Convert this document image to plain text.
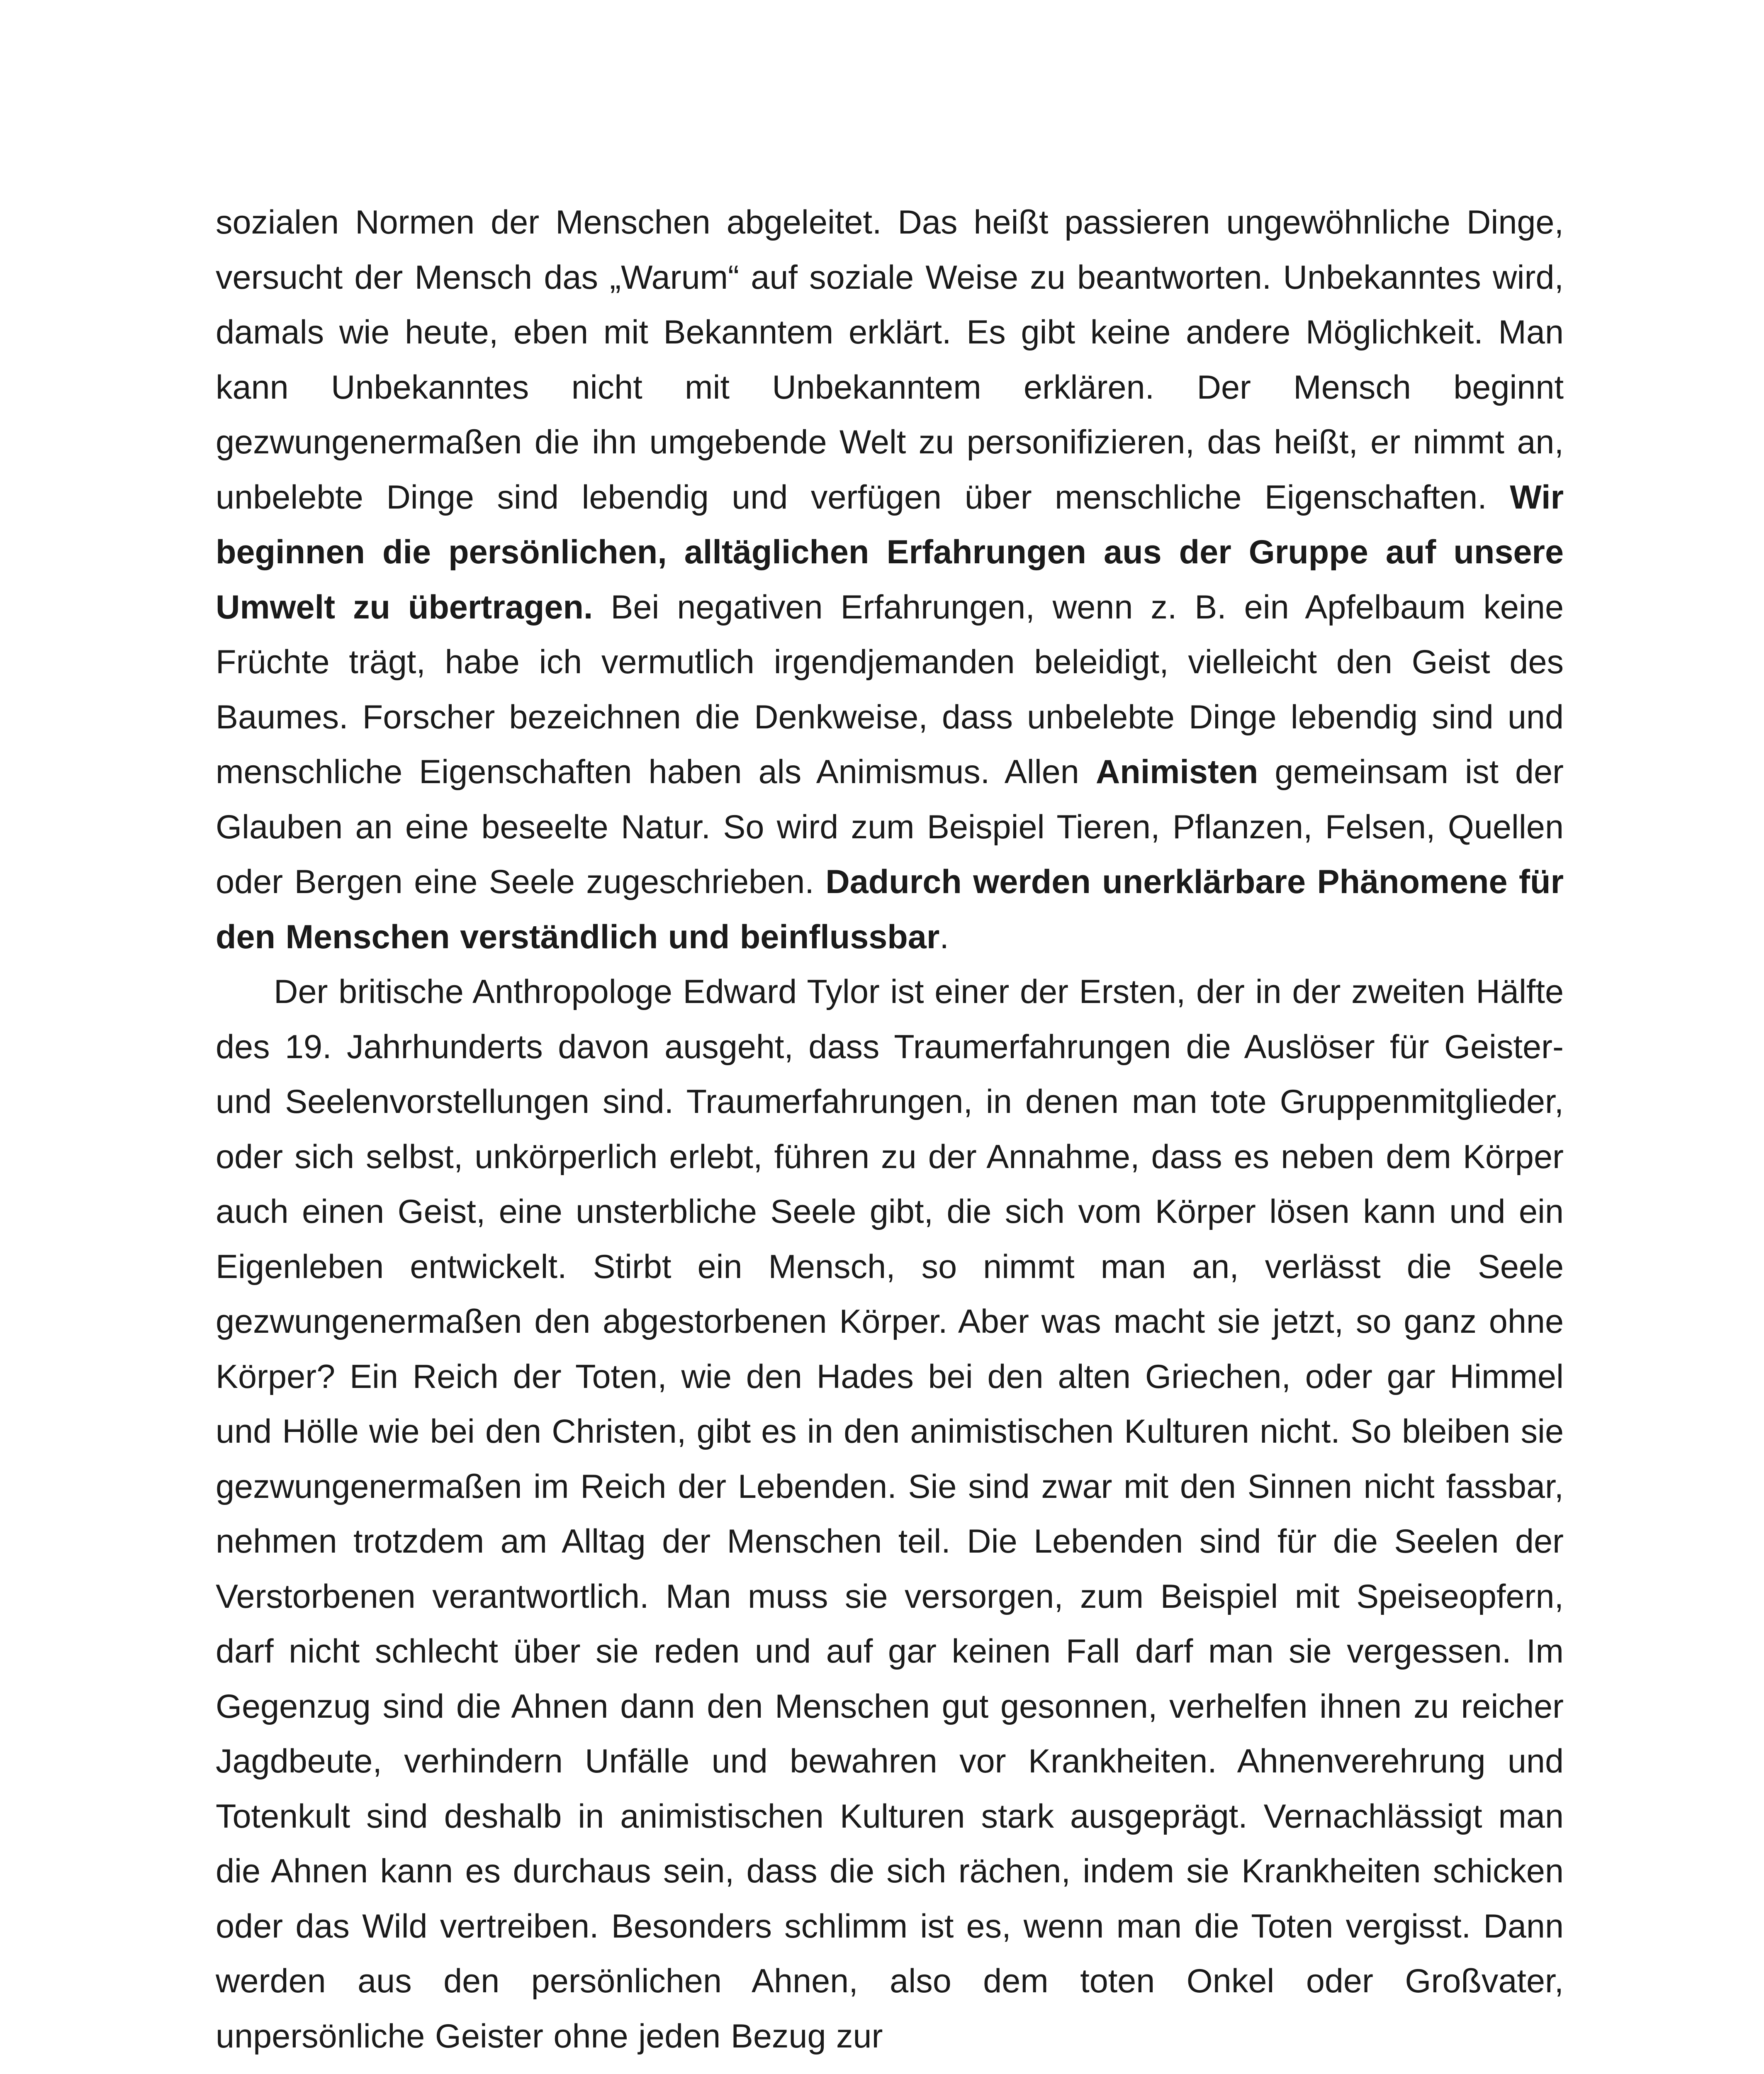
sozialen Normen der Menschen abgeleitet. Das heißt passieren ungewöhnliche Dinge, versucht der Mensch das „Warum“ auf soziale Weise zu beantworten. Unbekanntes wird, damals wie heute, eben mit Bekanntem erklärt. Es gibt keine andere Möglichkeit. Man kann Unbekanntes nicht mit Unbekanntem erklären. Der Mensch beginnt gezwungenermaßen die ihn umgebende Welt zu personifizieren, das heißt, er nimmt an, unbelebte Dinge sind lebendig und verfügen über menschliche Eigenschaften. Wir beginnen die persönlichen, alltäglichen Erfahrungen aus der Gruppe auf unsere Umwelt zu übertragen. Bei negativen Erfahrungen, wenn z. B. ein Apfelbaum keine Früchte trägt, habe ich vermutlich irgendjemanden beleidigt, vielleicht den Geist des Baumes. Forscher bezeichnen die Denkweise, dass unbelebte Dinge lebendig sind und menschliche Eigenschaften haben als Animismus. Allen Animisten gemeinsam ist der Glauben an eine beseelte Natur. So wird zum Beispiel Tieren, Pflanzen, Felsen, Quellen oder Bergen eine Seele zugeschrieben. Dadurch werden unerklärbare Phänomene für den Menschen verständlich und beinflussbar.

Der britische Anthropologe Edward Tylor ist einer der Ersten, der in der zweiten Hälfte des 19. Jahrhunderts davon ausgeht, dass Traumerfahrungen die Auslöser für Geister- und Seelenvorstellungen sind. Traumerfahrungen, in denen man tote Gruppenmitglieder, oder sich selbst, unkörperlich erlebt, führen zu der Annahme, dass es neben dem Körper auch einen Geist, eine unsterbliche Seele gibt, die sich vom Körper lösen kann und ein Eigenleben entwickelt. Stirbt ein Mensch, so nimmt man an, verlässt die Seele gezwungenermaßen den abgestorbenen Körper. Aber was macht sie jetzt, so ganz ohne Körper? Ein Reich der Toten, wie den Hades bei den alten Griechen, oder gar Himmel und Hölle wie bei den Christen, gibt es in den animistischen Kulturen nicht. So bleiben sie gezwungenermaßen im Reich der Lebenden. Sie sind zwar mit den Sinnen nicht fassbar, nehmen trotzdem am Alltag der Menschen teil. Die Lebenden sind für die Seelen der Verstorbenen verantwortlich. Man muss sie versorgen, zum Beispiel mit Speiseopfern, darf nicht schlecht über sie reden und auf gar keinen Fall darf man sie vergessen. Im Gegenzug sind die Ahnen dann den Menschen gut gesonnen, verhelfen ihnen zu reicher Jagdbeute, verhindern Unfälle und bewahren vor Krankheiten. Ahnenverehrung und Totenkult sind deshalb in animistischen Kulturen stark ausgeprägt. Vernachlässigt man die Ahnen kann es durchaus sein, dass die sich rächen, indem sie Krankheiten schicken oder das Wild vertreiben. Besonders schlimm ist es, wenn man die Toten vergisst. Dann werden aus den persönlichen Ahnen, also dem toten Onkel oder Großvater, unpersönliche Geister ohne jeden Bezug zur
